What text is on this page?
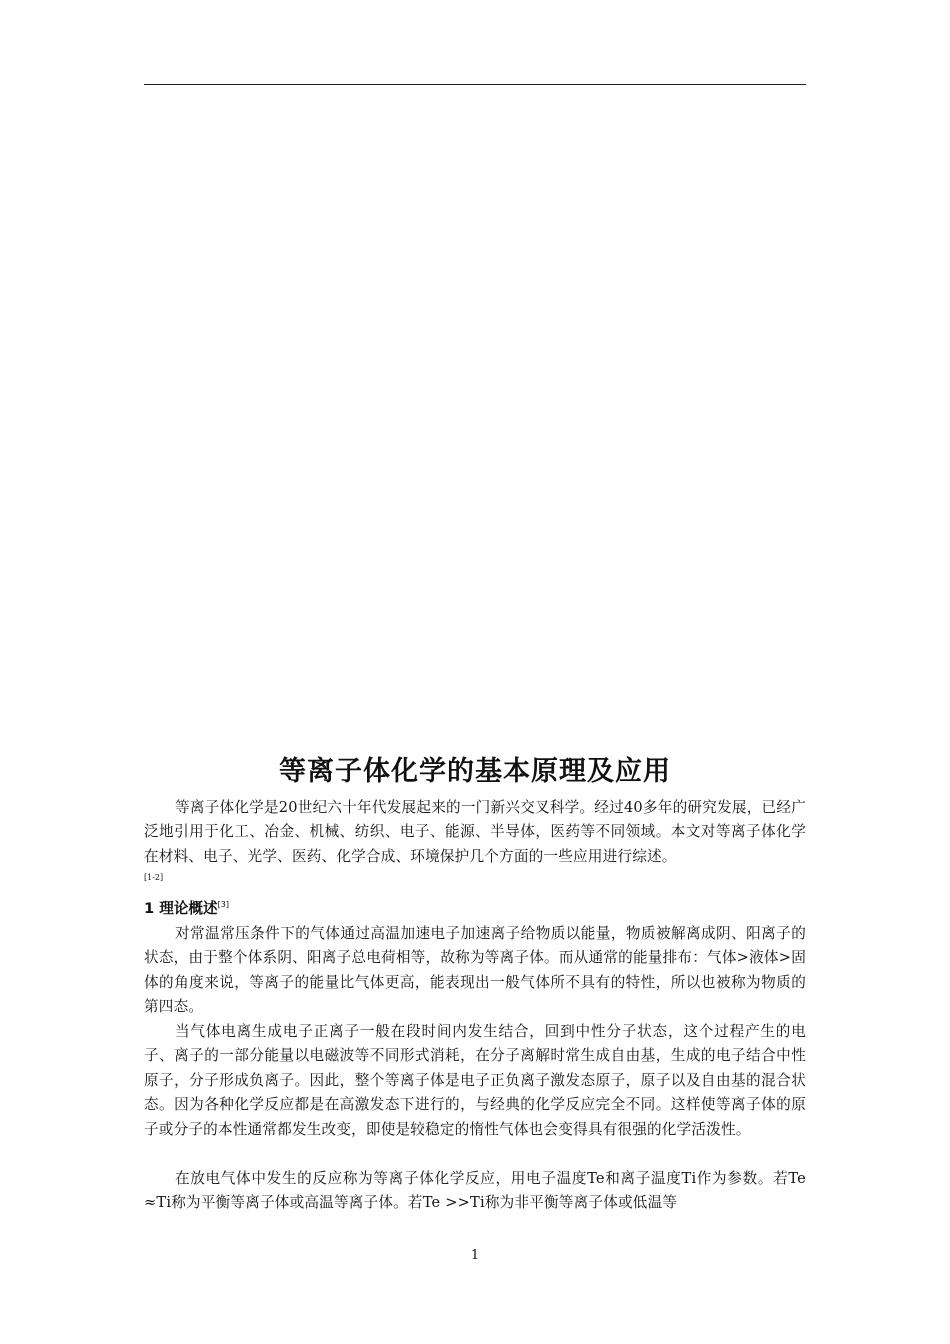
等离子体化学的基本原理及应用

等离子体化学是20世纪六十年代发展起来的一门新兴交叉科学。经过40多年的研究发展，已经广泛地引用于化工、冶金、机械、纺织、电子、能源、半导体，医药等不同领域。本文对等离子体化学在材料、电子、光学、医药、化学合成、环境保护几个方面的一些应用进行综述。

[1-2]
1 理论概述[3]

对常温常压条件下的气体通过高温加速电子加速离子给物质以能量，物质被解离成阴、阳离子的状态，由于整个体系阴、阳离子总电荷相等，故称为等离子体。而从通常的能量排布：气体>液体>固体的角度来说，等离子的能量比气体更高，能表现出一般气体所不具有的特性，所以也被称为物质的第四态。

当气体电离生成电子正离子一般在段时间内发生结合，回到中性分子状态，这个过程产生的电子、离子的一部分能量以电磁波等不同形式消耗，在分子离解时常生成自由基，生成的电子结合中性原子，分子形成负离子。因此，整个等离子体是电子正负离子激发态原子，原子以及自由基的混合状态。因为各种化学反应都是在高激发态下进行的，与经典的化学反应完全不同。这样使等离子体的原子或分子的本性通常都发生改变，即使是较稳定的惰性气体也会变得具有很强的化学活泼性。

在放电气体中发生的反应称为等离子体化学反应，用电子温度Te和离子温度Ti作为参数。若Te ≈Ti称为平衡等离子体或高温等离子体。若Te >>Ti称为非平衡等离子体或低温等

1
